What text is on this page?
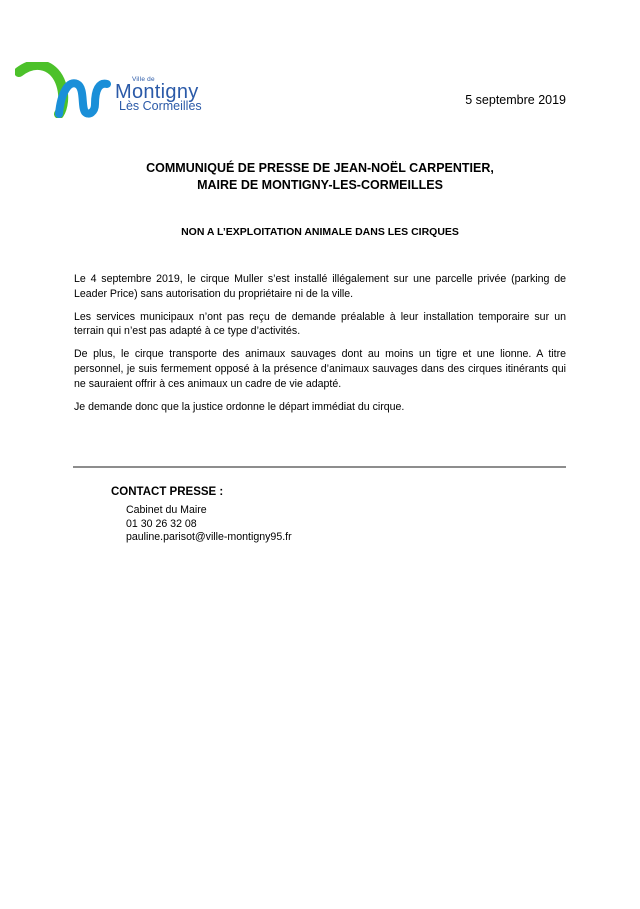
Ville de
Montigny
Lès Cormeilles	5 septembre 2019
COMMUNIQUÉ DE PRESSE DE JEAN-NOËL CARPENTIER,
MAIRE DE MONTIGNY-LES-CORMEILLES
NON A L’EXPLOITATION ANIMALE DANS LES CIRQUES

Le 4 septembre 2019, le cirque Muller s’est installé illégalement sur une parcelle privée (parking de Leader Price) sans autorisation du propriétaire ni de la ville.

Les services municipaux n’ont pas reçu de demande préalable à leur installation temporaire sur un terrain qui n’est pas adapté à ce type d’activités.

De plus, le cirque transporte des animaux sauvages dont au moins un tigre et une lionne. A titre personnel, je suis fermement opposé à la présence d’animaux sauvages dans des cirques itinérants qui ne sauraient offrir à ces animaux un cadre de vie adapté.

Je demande donc que la justice ordonne le départ immédiat du cirque.

CONTACT PRESSE :
Cabinet du Maire
01 30 26 32 08
pauline.parisot@ville-montigny95.fr
